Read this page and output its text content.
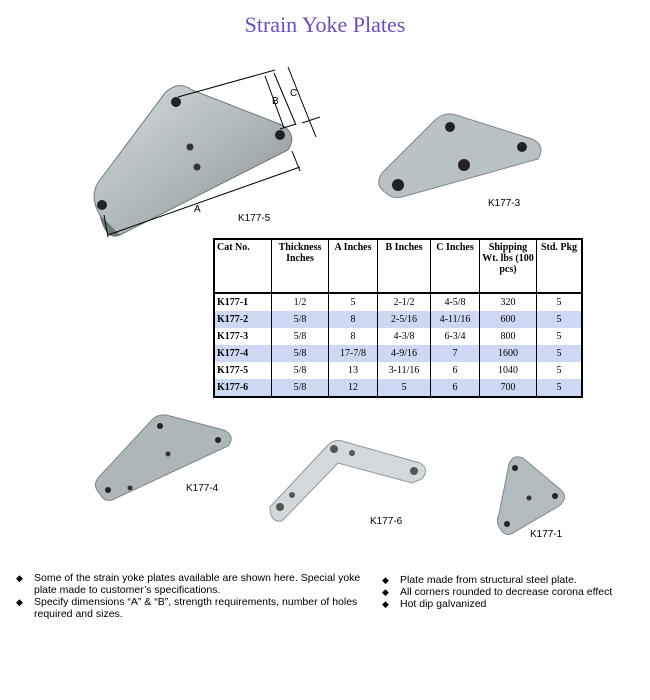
Strain Yoke Plates
B
C
A
K177-5
K177-3
Cat No.	Thickness Inches	A Inches	B Inches	C Inches	Shipping Wt. lbs (100 pcs)	Std. Pkg
K177-1	1/2	5	2-1/2	4-5/8	320	5
K177-2	5/8	8	2-5/16	4-11/16	600	5
K177-3	5/8	8	4-3/8	6-3/4	800	5
K177-4	5/8	17-7/8	4-9/16	7	1600	5
K177-5	5/8	13	3-11/16	6	1040	5
K177-6	5/8	12	5	6	700	5
K177-4
K177-6
K177-1
◆ Some of the strain yoke plates available are shown here. Special yoke plate made to customer’s specifications.
◆ Specify dimensions “A” & “B”, strength requirements, number of holes required and sizes.
◆ Plate made from structural steel plate.
◆ All corners rounded to decrease corona effect
◆ Hot dip galvanized
